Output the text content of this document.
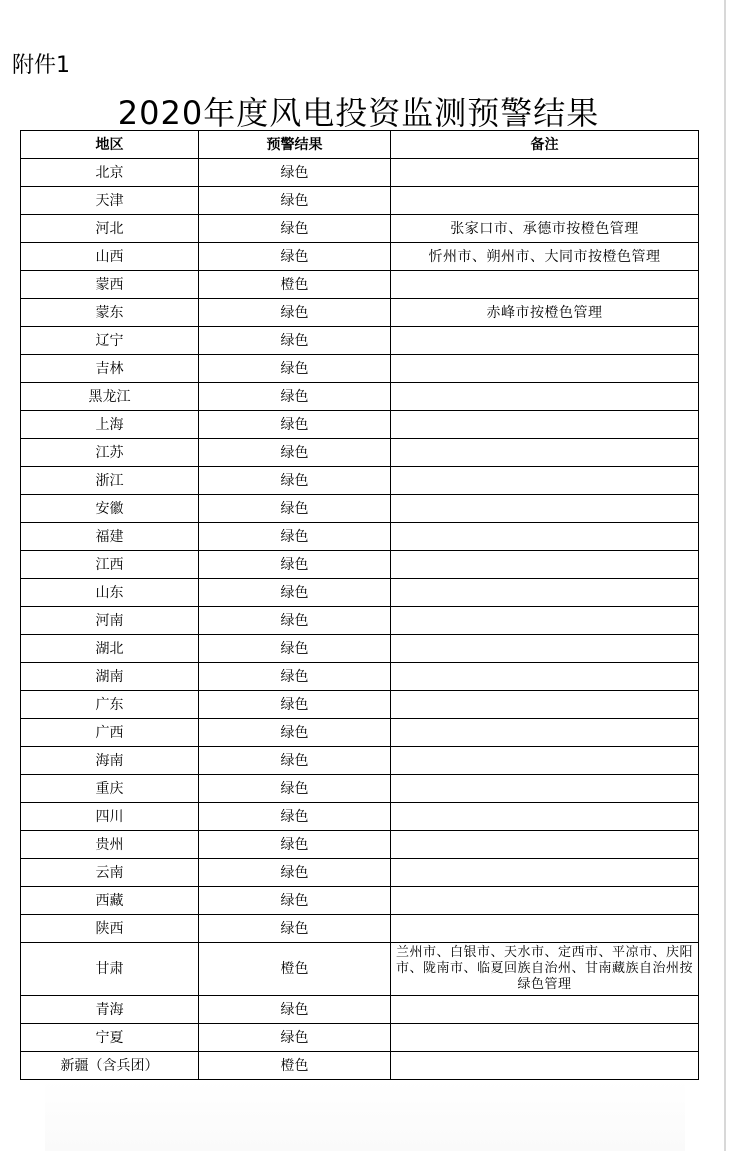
附件1
2020年度风电投资监测预警结果
地区	预警结果	备注
北京	绿色	
天津	绿色	
河北	绿色	张家口市、承德市按橙色管理
山西	绿色	忻州市、朔州市、大同市按橙色管理
蒙西	橙色	
蒙东	绿色	赤峰市按橙色管理
辽宁	绿色	
吉林	绿色	
黑龙江	绿色	
上海	绿色	
江苏	绿色	
浙江	绿色	
安徽	绿色	
福建	绿色	
江西	绿色	
山东	绿色	
河南	绿色	
湖北	绿色	
湖南	绿色	
广东	绿色	
广西	绿色	
海南	绿色	
重庆	绿色	
四川	绿色	
贵州	绿色	
云南	绿色	
西藏	绿色	
陕西	绿色	
甘肃	橙色	兰州市、白银市、天水市、定西市、平凉市、庆阳市、陇南市、临夏回族自治州、甘南藏族自治州按绿色管理
青海	绿色	
宁夏	绿色	
新疆（含兵团）	橙色	
